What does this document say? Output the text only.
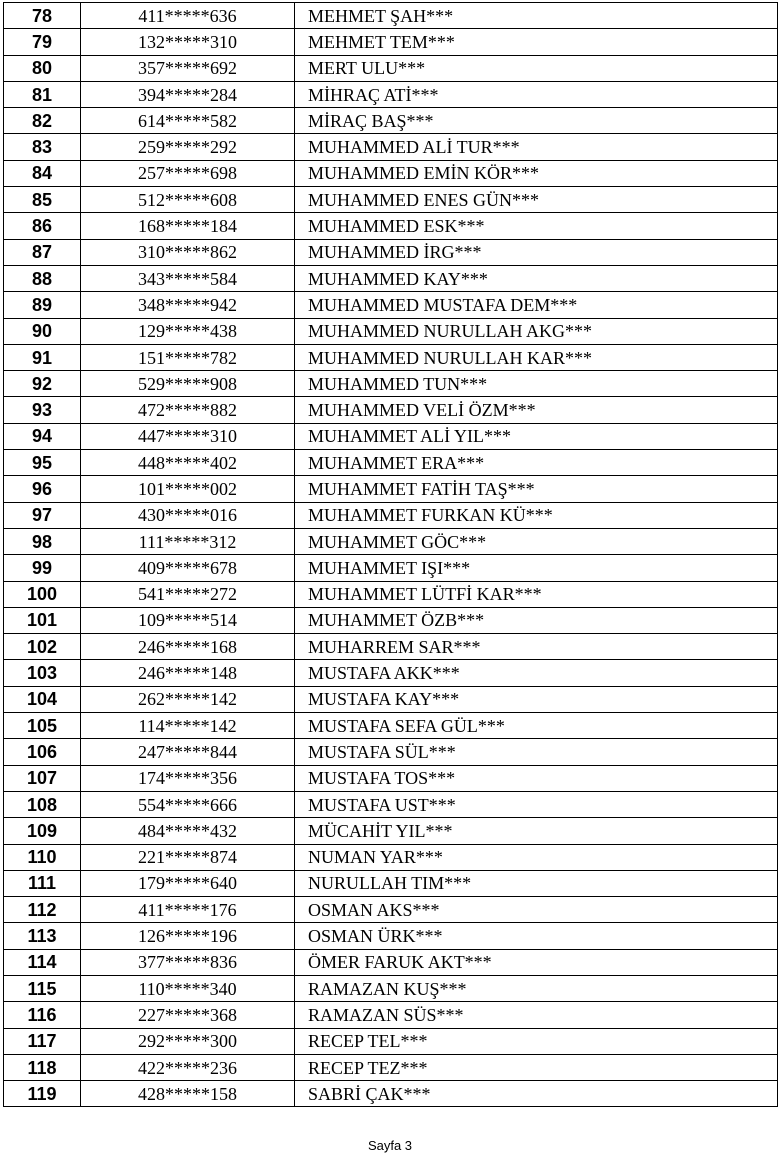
78	411*****636	MEHMET ŞAH***
79	132*****310	MEHMET TEM***
80	357*****692	MERT ULU***
81	394*****284	MİHRAÇ ATİ***
82	614*****582	MİRAÇ BAŞ***
83	259*****292	MUHAMMED ALİ TUR***
84	257*****698	MUHAMMED EMİN KÖR***
85	512*****608	MUHAMMED ENES GÜN***
86	168*****184	MUHAMMED ESK***
87	310*****862	MUHAMMED İRG***
88	343*****584	MUHAMMED KAY***
89	348*****942	MUHAMMED MUSTAFA DEM***
90	129*****438	MUHAMMED NURULLAH AKG***
91	151*****782	MUHAMMED NURULLAH KAR***
92	529*****908	MUHAMMED TUN***
93	472*****882	MUHAMMED VELİ ÖZM***
94	447*****310	MUHAMMET ALİ YIL***
95	448*****402	MUHAMMET ERA***
96	101*****002	MUHAMMET FATİH TAŞ***
97	430*****016	MUHAMMET FURKAN KÜ***
98	111*****312	MUHAMMET GÖC***
99	409*****678	MUHAMMET IŞI***
100	541*****272	MUHAMMET LÜTFİ KAR***
101	109*****514	MUHAMMET ÖZB***
102	246*****168	MUHARREM SAR***
103	246*****148	MUSTAFA AKK***
104	262*****142	MUSTAFA KAY***
105	114*****142	MUSTAFA SEFA GÜL***
106	247*****844	MUSTAFA SÜL***
107	174*****356	MUSTAFA TOS***
108	554*****666	MUSTAFA UST***
109	484*****432	MÜCAHİT YIL***
110	221*****874	NUMAN YAR***
111	179*****640	NURULLAH TIM***
112	411*****176	OSMAN AKS***
113	126*****196	OSMAN ÜRK***
114	377*****836	ÖMER FARUK AKT***
115	110*****340	RAMAZAN KUŞ***
116	227*****368	RAMAZAN SÜS***
117	292*****300	RECEP TEL***
118	422*****236	RECEP TEZ***
119	428*****158	SABRİ ÇAK***
Sayfa 3
